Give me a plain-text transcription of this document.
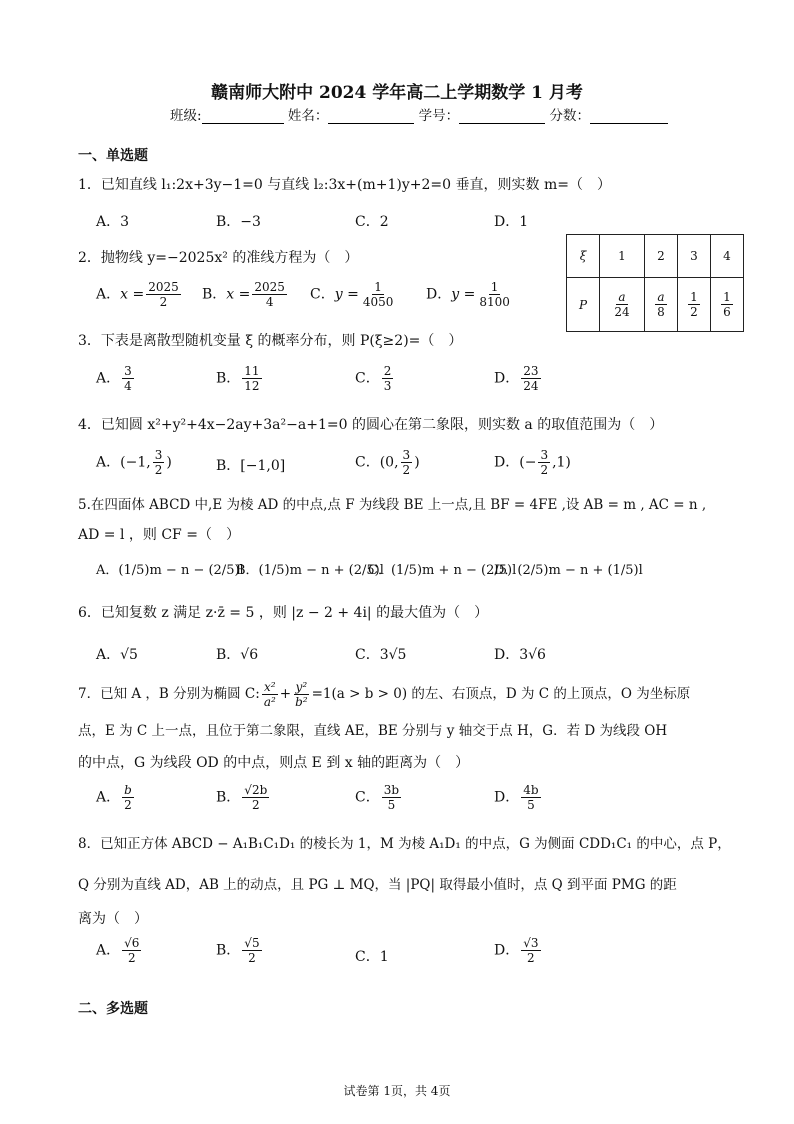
赣南师大附中 2024 学年高二上学期数学 1 月考
班级:	姓名：	学号：	分数：
一、单选题
1．已知直线 l₁:2x+3y−1=0 与直线 l₂:3x+(m+1)y+2=0 垂直，则实数 m=（　）
A．3	B．−3	C．2	D．1
2．抛物线 y=−2025x² 的准线方程为（　）
A．$x = \frac{2025}{2}$ B．$x = \frac{2025}{4}$ C．$y = \frac{1}{4050}$ D．$y = \frac{1}{8100}$
ξ	1	2	3	4
P	$\frac{a}{24}$	$\frac{a}{8}$	$\frac{1}{2}$	$\frac{1}{6}$
3．下表是离散型随机变量 ξ 的概率分布，则 P(ξ≥2)=（　）
A． $\frac{3}{4}$	B． $\frac{11}{12}$	C． $\frac{2}{3}$	D． $\frac{23}{24}$
4．已知圆 x²+y²+4x−2ay+3a²−a+1=0 的圆心在第二象限，则实数 a 的取值范围为（　）
A．(−1, $\frac{3}{2}$ )	B．[−1,0]	C．(0, $\frac{3}{2}$ )	D．(− $\frac{3}{2} ,1$)
5.在四面体 ABCD 中,E 为棱 AD 的中点,点 F 为线段 BE 上一点,且 BF = 4FE ,设 AB = m , AC = n ,
AD = l ，则 CF =（　）
A．(1/5)m − n − (2/5)l
B．(1/5)m − n + (2/5)l
C．(1/5)m + n − (2/5)l
D．(2/5)m − n + (1/5)l
6．已知复数 z 满足 z·z̄ = 5 ，则 |z − 2 + 4i| 的最大值为（　）
A．√5	B．√6	C．3√5	D．3√6
7．已知 A ，B 分别为椭圆 C: $\frac{\text{x²}}{\text{a²}} + \frac{\text{y²}}{\text{b²}} =1(a > b > 0)$ 的左、右顶点，D 为 C 的上顶点，O 为坐标原
点，E 为 C 上一点，且位于第二象限，直线 AE，BE 分别与 y 轴交于点 H，G．若 D 为线段 OH
的中点，G 为线段 OD 的中点，则点 E 到 x 轴的距离为（　）
A． $\frac{b}{2}$	B． $\frac{√2b}{2}$	C． $\frac{3b}{5}$	D． $\frac{4b}{5}$
8．已知正方体 ABCD − A₁B₁C₁D₁ 的棱长为 1，M 为棱 A₁D₁ 的中点，G 为侧面 CDD₁C₁ 的中心，点 P，
Q 分别为直线 AD，AB 上的动点，且 PG ⊥ MQ，当 |PQ| 取得最小值时，点 Q 到平面 PMG 的距
离为（　）
A． $\frac{√6}{2}$	B． $\frac{√5}{2}$	C．1	D． $\frac{√3}{2}$
二、多选题
试卷第 1页，共 4页
